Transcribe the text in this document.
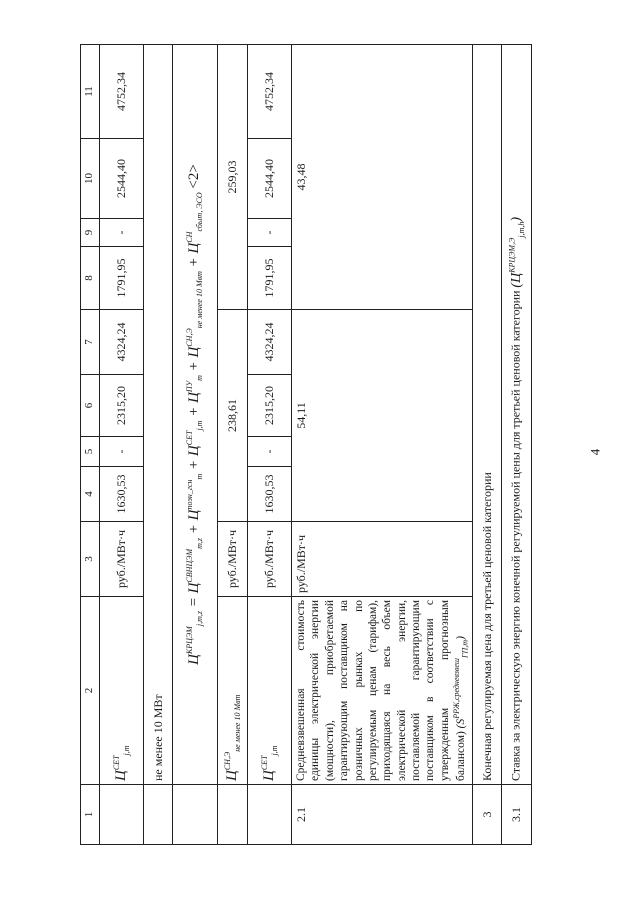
4
1	2	3	4	5	6	7	8	9	10	11
	$Ц^{СЕТ}_{j,m}$	руб./МВт·ч	1630,53	-	2315,20	4324,24	1791,95	-	2544,40	4752,34
	не менее 10 МВт									
	$Ц^{КРЦЭМ}_{j,m,z} = Ц^{СВНЦЭМ}_{m,z} + Ц^{поэн\_гсн}_m + Ц^{СЕТ}_{j,m} + Ц^{ПУ}_m + Ц^{СН,Э}_{не менее 10 Мвт} + Ц^{СН}_{сбыт, ЭСО} <2>$									
	$Ц^{СН,Э}_{не менее 10 Мвт}$	руб./МВт·ч	238,61				259,03			
	$Ц^{СЕТ}_{j,m}$	руб./МВт·ч	1630,53	-	2315,20	4324,24	1791,95	-	2544,40	4752,34
2.1	Средневзвешенная стоимость единицы электрической энергии (мощности), приобретаемой гарантирующим поставщиком на розничных рынках по регулируемым ценам (тарифам), приходящаяся на весь объем электрической энергии, поставляемой гарантирующим поставщиком в соответствии с утвержденным прогнозным балансом) $(S^{РРЖ,средневзвеш}_{ГП,m})$	руб./МВт·ч	54,11				43,48			
3	Конечная регулируемая цена для третьей ценовой категории									
3.1	Ставка за электрическую энергию конечной регулируемой цены для третьей ценовой категории $(Ц^{КРЦЭМ,Э}_{j,m,h})$									
